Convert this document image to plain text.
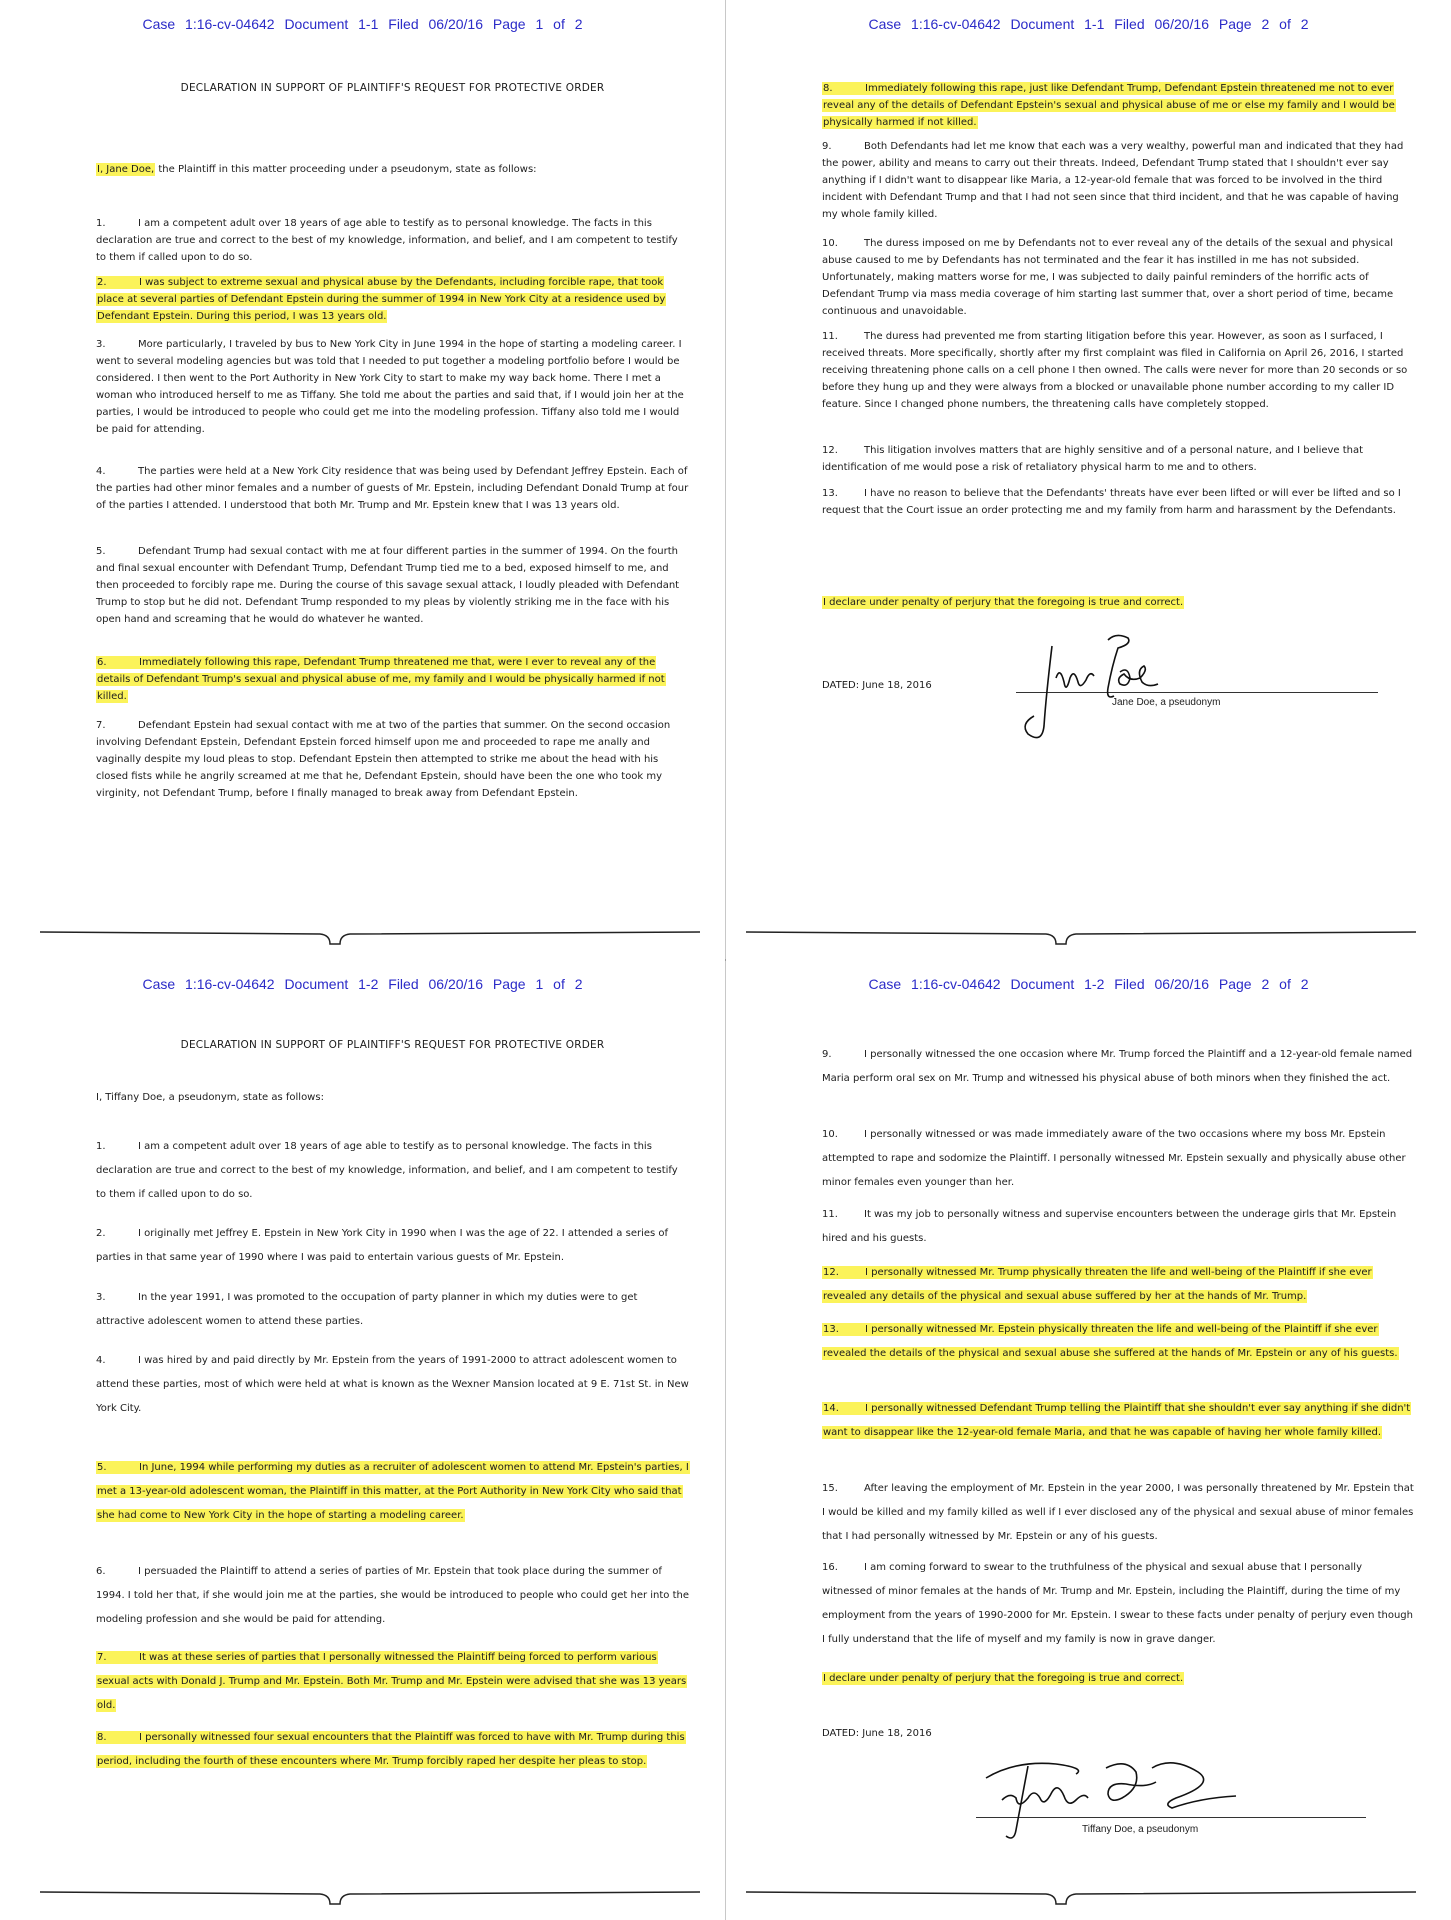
Case 1:16-cv-04642 Document 1-1 Filed 06/20/16 Page 1 of 2
DECLARATION IN SUPPORT OF PLAINTIFF'S REQUEST FOR PROTECTIVE ORDER

I, Jane Doe, the Plaintiff in this matter proceeding under a pseudonym, state as follows:

1.	I am a competent adult over 18 years of age able to testify as to personal knowledge. The facts in this declaration are true and correct to the best of my knowledge, information, and belief, and I am competent to testify to them if called upon to do so.

2.	I was subject to extreme sexual and physical abuse by the Defendants, including forcible rape, that took place at several parties of Defendant Epstein during the summer of 1994 in New York City at a residence used by Defendant Epstein. During this period, I was 13 years old.

3.	More particularly, I traveled by bus to New York City in June 1994 in the hope of starting a modeling career. I went to several modeling agencies but was told that I needed to put together a modeling portfolio before I would be considered. I then went to the Port Authority in New York City to start to make my way back home. There I met a woman who introduced herself to me as Tiffany. She told me about the parties and said that, if I would join her at the parties, I would be introduced to people who could get me into the modeling profession. Tiffany also told me I would be paid for attending.

4.	The parties were held at a New York City residence that was being used by Defendant Jeffrey Epstein. Each of the parties had other minor females and a number of guests of Mr. Epstein, including Defendant Donald Trump at four of the parties I attended. I understood that both Mr. Trump and Mr. Epstein knew that I was 13 years old.

5.	Defendant Trump had sexual contact with me at four different parties in the summer of 1994. On the fourth and final sexual encounter with Defendant Trump, Defendant Trump tied me to a bed, exposed himself to me, and then proceeded to forcibly rape me. During the course of this savage sexual attack, I loudly pleaded with Defendant Trump to stop but he did not. Defendant Trump responded to my pleas by violently striking me in the face with his open hand and screaming that he would do whatever he wanted.

6.	Immediately following this rape, Defendant Trump threatened me that, were I ever to reveal any of the details of Defendant Trump's sexual and physical abuse of me, my family and I would be physically harmed if not killed.

7.	Defendant Epstein had sexual contact with me at two of the parties that summer. On the second occasion involving Defendant Epstein, Defendant Epstein forced himself upon me and proceeded to rape me anally and vaginally despite my loud pleas to stop. Defendant Epstein then attempted to strike me about the head with his closed fists while he angrily screamed at me that he, Defendant Epstein, should have been the one who took my virginity, not Defendant Trump, before I finally managed to break away from Defendant Epstein.

Case 1:16-cv-04642 Document 1-1 Filed 06/20/16 Page 2 of 2

8.	Immediately following this rape, just like Defendant Trump, Defendant Epstein threatened me not to ever reveal any of the details of Defendant Epstein's sexual and physical abuse of me or else my family and I would be physically harmed if not killed.

9.	Both Defendants had let me know that each was a very wealthy, powerful man and indicated that they had the power, ability and means to carry out their threats. Indeed, Defendant Trump stated that I shouldn't ever say anything if I didn't want to disappear like Maria, a 12-year-old female that was forced to be involved in the third incident with Defendant Trump and that I had not seen since that third incident, and that he was capable of having my whole family killed.

10.	The duress imposed on me by Defendants not to ever reveal any of the details of the sexual and physical abuse caused to me by Defendants has not terminated and the fear it has instilled in me has not subsided. Unfortunately, making matters worse for me, I was subjected to daily painful reminders of the horrific acts of Defendant Trump via mass media coverage of him starting last summer that, over a short period of time, became continuous and unavoidable.

11.	The duress had prevented me from starting litigation before this year. However, as soon as I surfaced, I received threats. More specifically, shortly after my first complaint was filed in California on April 26, 2016, I started receiving threatening phone calls on a cell phone I then owned. The calls were never for more than 20 seconds or so before they hung up and they were always from a blocked or unavailable phone number according to my caller ID feature. Since I changed phone numbers, the threatening calls have completely stopped.

12.	This litigation involves matters that are highly sensitive and of a personal nature, and I believe that identification of me would pose a risk of retaliatory physical harm to me and to others.

13.	I have no reason to believe that the Defendants' threats have ever been lifted or will ever be lifted and so I request that the Court issue an order protecting me and my family from harm and harassment by the Defendants.

I declare under penalty of perjury that the foregoing is true and correct.
DATED: June 18, 2016
Jane Doe, a pseudonym
Case 1:16-cv-04642 Document 1-2 Filed 06/20/16 Page 1 of 2
DECLARATION IN SUPPORT OF PLAINTIFF'S REQUEST FOR PROTECTIVE ORDER

I, Tiffany Doe, a pseudonym, state as follows:

1.	I am a competent adult over 18 years of age able to testify as to personal knowledge. The facts in this declaration are true and correct to the best of my knowledge, information, and belief, and I am competent to testify to them if called upon to do so.

2.	I originally met Jeffrey E. Epstein in New York City in 1990 when I was the age of 22. I attended a series of parties in that same year of 1990 where I was paid to entertain various guests of Mr. Epstein.

3.	In the year 1991, I was promoted to the occupation of party planner in which my duties were to get attractive adolescent women to attend these parties.

4.	I was hired by and paid directly by Mr. Epstein from the years of 1991-2000 to attract adolescent women to attend these parties, most of which were held at what is known as the Wexner Mansion located at 9 E. 71st St. in New York City.

5.	In June, 1994 while performing my duties as a recruiter of adolescent women to attend Mr. Epstein's parties, I met a 13-year-old adolescent woman, the Plaintiff in this matter, at the Port Authority in New York City who said that she had come to New York City in the hope of starting a modeling career.

6.	I persuaded the Plaintiff to attend a series of parties of Mr. Epstein that took place during the summer of 1994. I told her that, if she would join me at the parties, she would be introduced to people who could get her into the modeling profession and she would be paid for attending.

7.	It was at these series of parties that I personally witnessed the Plaintiff being forced to perform various sexual acts with Donald J. Trump and Mr. Epstein. Both Mr. Trump and Mr. Epstein were advised that she was 13 years old.

8.	I personally witnessed four sexual encounters that the Plaintiff was forced to have with Mr. Trump during this period, including the fourth of these encounters where Mr. Trump forcibly raped her despite her pleas to stop.

Case 1:16-cv-04642 Document 1-2 Filed 06/20/16 Page 2 of 2

9.	I personally witnessed the one occasion where Mr. Trump forced the Plaintiff and a 12-year-old female named Maria perform oral sex on Mr. Trump and witnessed his physical abuse of both minors when they finished the act.

10.	I personally witnessed or was made immediately aware of the two occasions where my boss Mr. Epstein attempted to rape and sodomize the Plaintiff. I personally witnessed Mr. Epstein sexually and physically abuse other minor females even younger than her.

11.	It was my job to personally witness and supervise encounters between the underage girls that Mr. Epstein hired and his guests.

12.	I personally witnessed Mr. Trump physically threaten the life and well-being of the Plaintiff if she ever revealed any details of the physical and sexual abuse suffered by her at the hands of Mr. Trump.

13.	I personally witnessed Mr. Epstein physically threaten the life and well-being of the Plaintiff if she ever revealed the details of the physical and sexual abuse she suffered at the hands of Mr. Epstein or any of his guests.

14.	I personally witnessed Defendant Trump telling the Plaintiff that she shouldn't ever say anything if she didn't want to disappear like the 12-year-old female Maria, and that he was capable of having her whole family killed.

15.	After leaving the employment of Mr. Epstein in the year 2000, I was personally threatened by Mr. Epstein that I would be killed and my family killed as well if I ever disclosed any of the physical and sexual abuse of minor females that I had personally witnessed by Mr. Epstein or any of his guests.

16.	I am coming forward to swear to the truthfulness of the physical and sexual abuse that I personally witnessed of minor females at the hands of Mr. Trump and Mr. Epstein, including the Plaintiff, during the time of my employment from the years of 1990-2000 for Mr. Epstein. I swear to these facts under penalty of perjury even though I fully understand that the life of myself and my family is now in grave danger.

I declare under penalty of perjury that the foregoing is true and correct.
DATED: June 18, 2016
Tiffany Doe, a pseudonym
